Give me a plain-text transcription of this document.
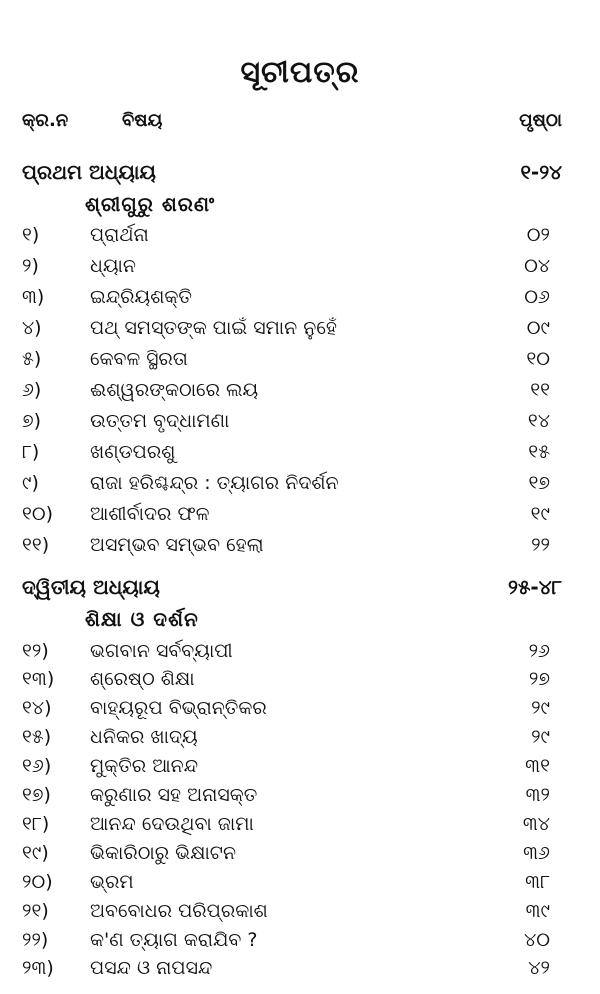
ସୂଚୀପତ୍ର
କ୍ର.ନ	ବିଷୟ	ପୃଷ୍ଠା
ପ୍ରଥମ ଅଧ୍ୟାୟ	୧-୨୪
ଶ୍ରୀଗୁରୁ ଶରଣଂ
୧)	ପ୍ରାର୍ଥନା	୦୨
୨)	ଧ୍ୟାନ	୦୪
୩)	ଇନ୍ଦ୍ରିୟଶକ୍ତି	୦୬
୪)	ପଥ୍ ସମସ୍ତଙ୍କ ପାଇଁ ସମାନ ନୁହେଁ	୦୯
୫)	କେବଳ ସ୍ଥିରତା	୧୦
୬)	ଈଶ୍ୱରଙ୍କଠାରେ ଲୟ	୧୧
୭)	ଉତ୍ତମ ବୃଦ୍ଧାମଣା	୧୪
୮)	ଖଣ୍ଡପରଶୁ	୧୫
୯)	ରାଜା ହରିଶ୍ଚନ୍ଦ୍ର : ତ୍ୟାଗର ନିଦର୍ଶନ	୧୭
୧୦)	ଆଶୀର୍ବାଦର ଫଳ	୧୯
୧୧)	ଅସମ୍ଭବ ସମ୍ଭବ ହେଲା	୨୨
ଦ୍ୱିତୀୟ ଅଧ୍ୟାୟ	୨୫-୪୮
ଶିକ୍ଷା ଓ ଦର୍ଶନ
୧୨)	ଭଗବାନ ସର୍ବବ୍ୟାପୀ	୨୬
୧୩)	ଶ୍ରେଷ୍ଠ ଶିକ୍ଷା	୨୭
୧୪)	ବାହ୍ୟରୂପ ବିଭ୍ରାନ୍ତିକର	୨୯
୧୫)	ଧନିକର ଖାଦ୍ୟ	୨୯
୧୬)	ମୁକ୍ତିର ଆନନ୍ଦ	୩୧
୧୭)	କରୁଣାର ସହ ଅନାସକ୍ତ	୩୨
୧୮)	ଆନନ୍ଦ ଦେଉଥିବା ଜାମା	୩୪
୧୯)	ଭିକାରିଠାରୁ ଭିକ୍ଷାଟନ	୩୬
୨୦)	ଭ୍ରମ	୩୮
୨୧)	ଅବବୋଧର ପରିପ୍ରକାଶ	୩୯
୨୨)	କ'ଣ ତ୍ୟାଗ କରାଯିବ ?	୪୦
୨୩)	ପସନ୍ଦ ଓ ନାପସନ୍ଦ	୪୨
